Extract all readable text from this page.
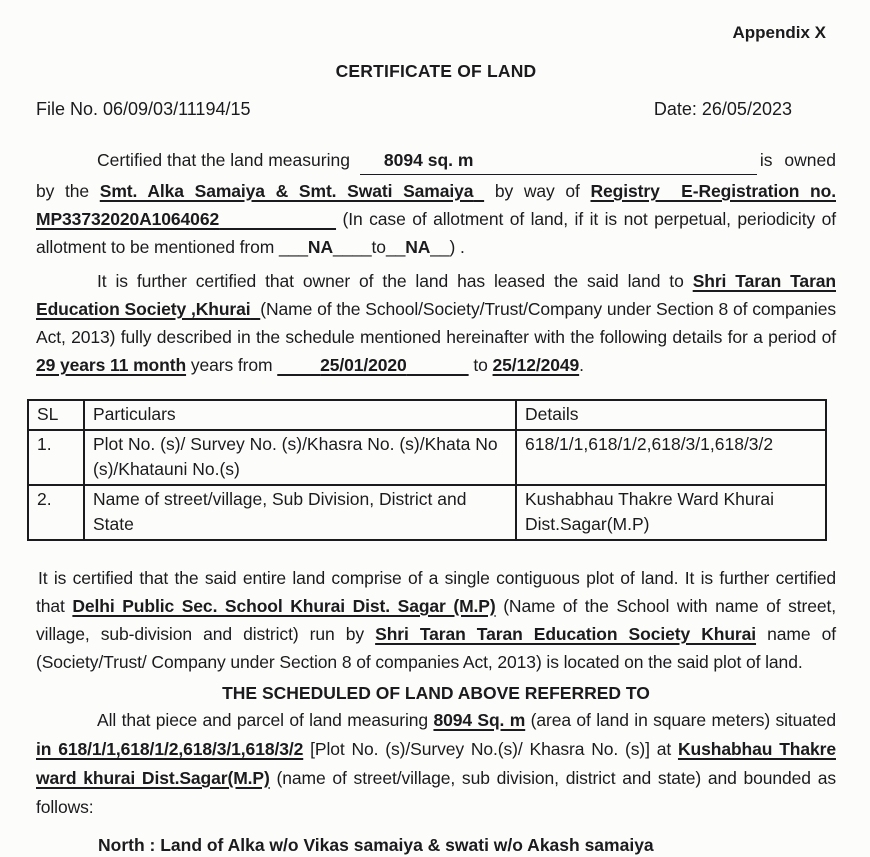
Appendix X
CERTIFICATE OF LAND
File No. 06/09/03/11194/15	Date: 26/05/2023
Certified that the land measuring	8094 sq. m	is owned

by the Smt. Alka Samaiya & Smt. Swati Samaiya  by way of Registry  E-Registration no. MP33732020A1064062	(In case of allotment of land, if it is not perpetual, periodicity of allotment to be mentioned from ___NA____to__NA__) .

It is further certified that owner of the land has leased the said land to Shri Taran Taran Education Society ,Khurai (Name of the School/Society/Trust/Company under Section 8 of companies Act, 2013) fully described in the schedule mentioned hereinafter with the following details for a period of 29 years 11 month years from          25/01/2020	to 25/12/2049.

SL	Particulars	Details
1.	Plot No. (s)/ Survey No. (s)/Khasra No. (s)/Khata No (s)/Khatauni No.(s)	618/1/1,618/1/2,618/3/1,618/3/2
2.	Name of street/village, Sub Division, District and State	Kushabhau Thakre Ward Khurai Dist.Sagar(M.P)

It is certified that the said entire land comprise of a single contiguous plot of land. It is further certified that Delhi Public Sec. School Khurai Dist. Sagar (M.P) (Name of the School with name of street, village, sub-division and district) run by Shri Taran Taran Education Society Khurai name of (Society/Trust/ Company under Section 8 of companies Act, 2013) is located on the said plot of land.

THE SCHEDULED OF LAND ABOVE REFERRED TO

All that piece and parcel of land measuring 8094 Sq. m (area of land in square meters) situated in 618/1/1,618/1/2,618/3/1,618/3/2 [Plot No. (s)/Survey No.(s)/ Khasra No. (s)] at Kushabhau Thakre ward khurai Dist.Sagar(M.P) (name of street/village, sub division, district and state) and bounded as follows:

North : Land of Alka w/o Vikas samaiya & swati w/o Akash samaiya
